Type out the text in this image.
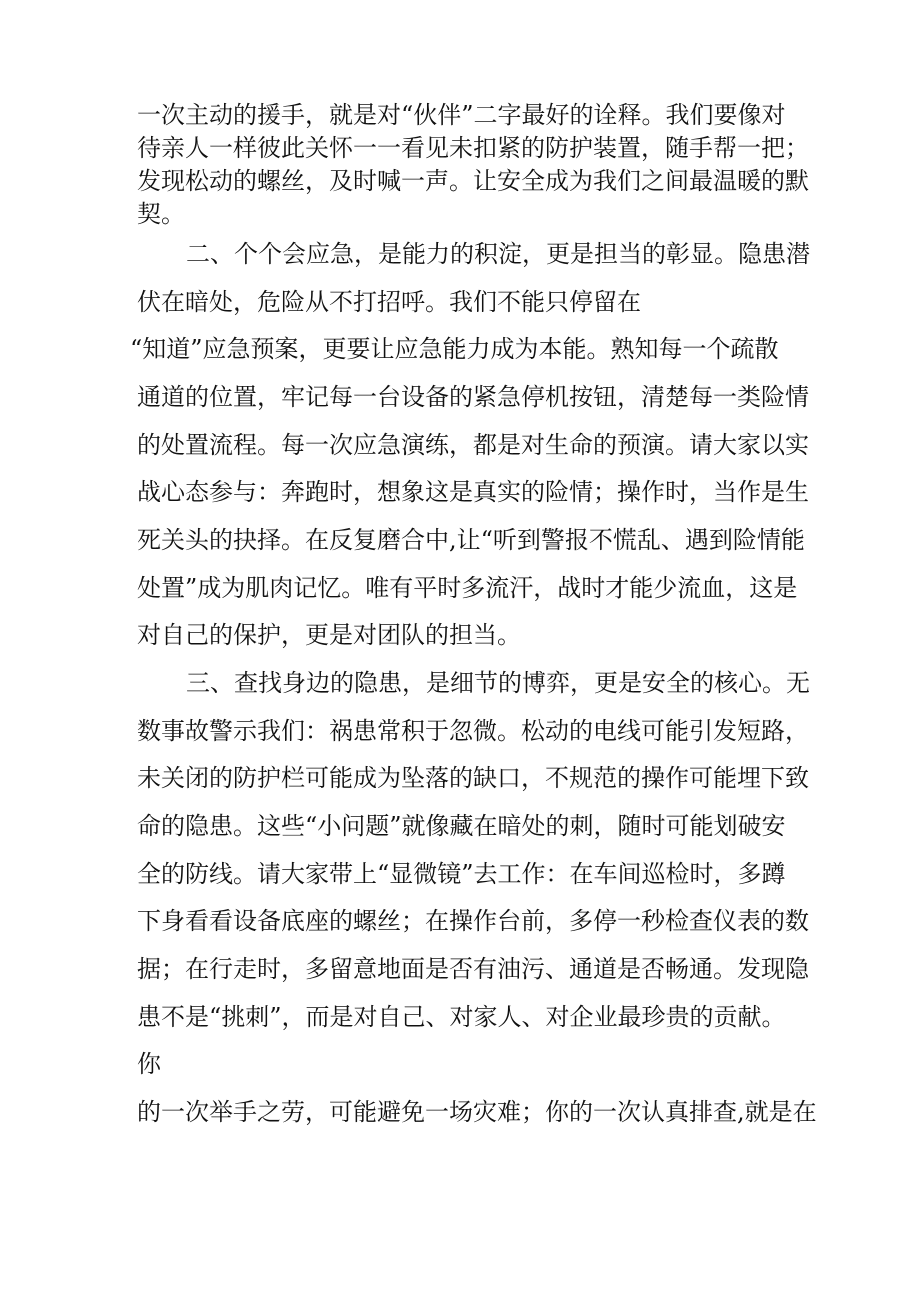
一次主动的援手，就是对“伙伴”二字最好的诠释。我们要像对
待亲人一样彼此关怀一一看见未扣紧的防护装置，随手帮一把；
发现松动的螺丝，及时喊一声。让安全成为我们之间最温暖的默
契。
二、个个会应急，是能力的积淀，更是担当的彰显。隐患潜
伏在暗处，危险从不打招呼。我们不能只停留在
“知道”应急预案，更要让应急能力成为本能。熟知每一个疏散
通道的位置，牢记每一台设备的紧急停机按钮，清楚每一类险情
的处置流程。每一次应急演练，都是对生命的预演。请大家以实
战心态参与：奔跑时，想象这是真实的险情；操作时，当作是生
死关头的抉择。在反复磨合中,让“听到警报不慌乱、遇到险情能
处置”成为肌肉记忆。唯有平时多流汗，战时才能少流血，这是
对自己的保护，更是对团队的担当。
三、查找身边的隐患，是细节的博弈，更是安全的核心。无
数事故警示我们：祸患常积于忽微。松动的电线可能引发短路，
未关闭的防护栏可能成为坠落的缺口，不规范的操作可能埋下致
命的隐患。这些“小问题”就像藏在暗处的刺，随时可能划破安
全的防线。请大家带上“显微镜”去工作：在车间巡检时，多蹲
下身看看设备底座的螺丝；在操作台前，多停一秒检查仪表的数
据；在行走时，多留意地面是否有油污、通道是否畅通。发现隐
患不是“挑刺”，而是对自己、对家人、对企业最珍贵的贡献。
你
的一次举手之劳，可能避免一场灾难；你的一次认真排查,就是在
